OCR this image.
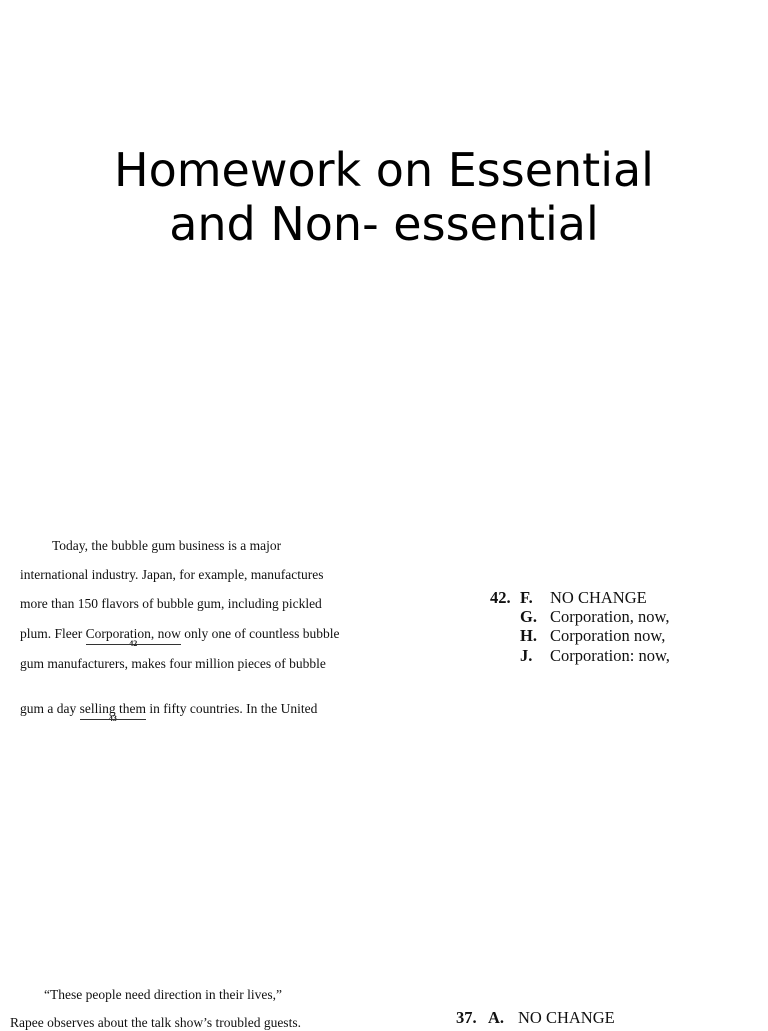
Homework on Essential
and Non- essential
Today, the bubble gum business is a major
international industry. Japan, for example, manufactures
more than 150 flavors of bubble gum, including pickled
plum. Fleer Corporation, now
42
only one of countless bubble
gum manufacturers, makes four million pieces of bubble
gum a day selling them
43
in fifty countries. In the United
42. F. NO CHANGE
G. Corporation, now,
H. Corporation now,
J. Corporation: now,
“These people need direction in their lives,”
Rapee observes about the talk show’s troubled guests.	37. A. NO CHANGE
